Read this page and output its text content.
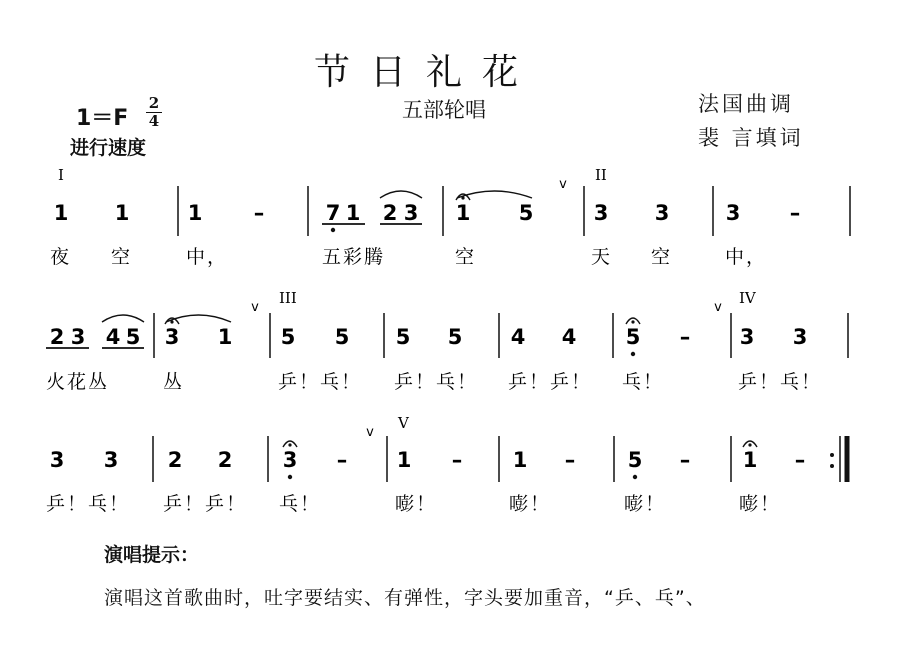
节日礼花
五部轮唱
1＝F
2
4
进行速度
法国曲调
裴 言填词
1 1	1 –	7 1 2 3 1 5	3 3	3 –
I	II
v
夜 空	中，	五彩腾	空	天 空	中，
2 3 4 5 3 1 5 5 5 5 4 4 5 – 3 3
III	IV
v	v
火花丛	丛	乒！乓！ 乒！乓！ 乒！乒！ 乓！	乒！乓！
3 3 2 2 3 – 1 – 1 – 5 – 1 –
V
v
乒！乓！ 乒！乒！ 乓！	嘭！	嘭！	嘭！	嘭！
演唱提示：
演唱这首歌曲时，吐字要结实、有弹性，字头要加重音，“乒、乓”、
